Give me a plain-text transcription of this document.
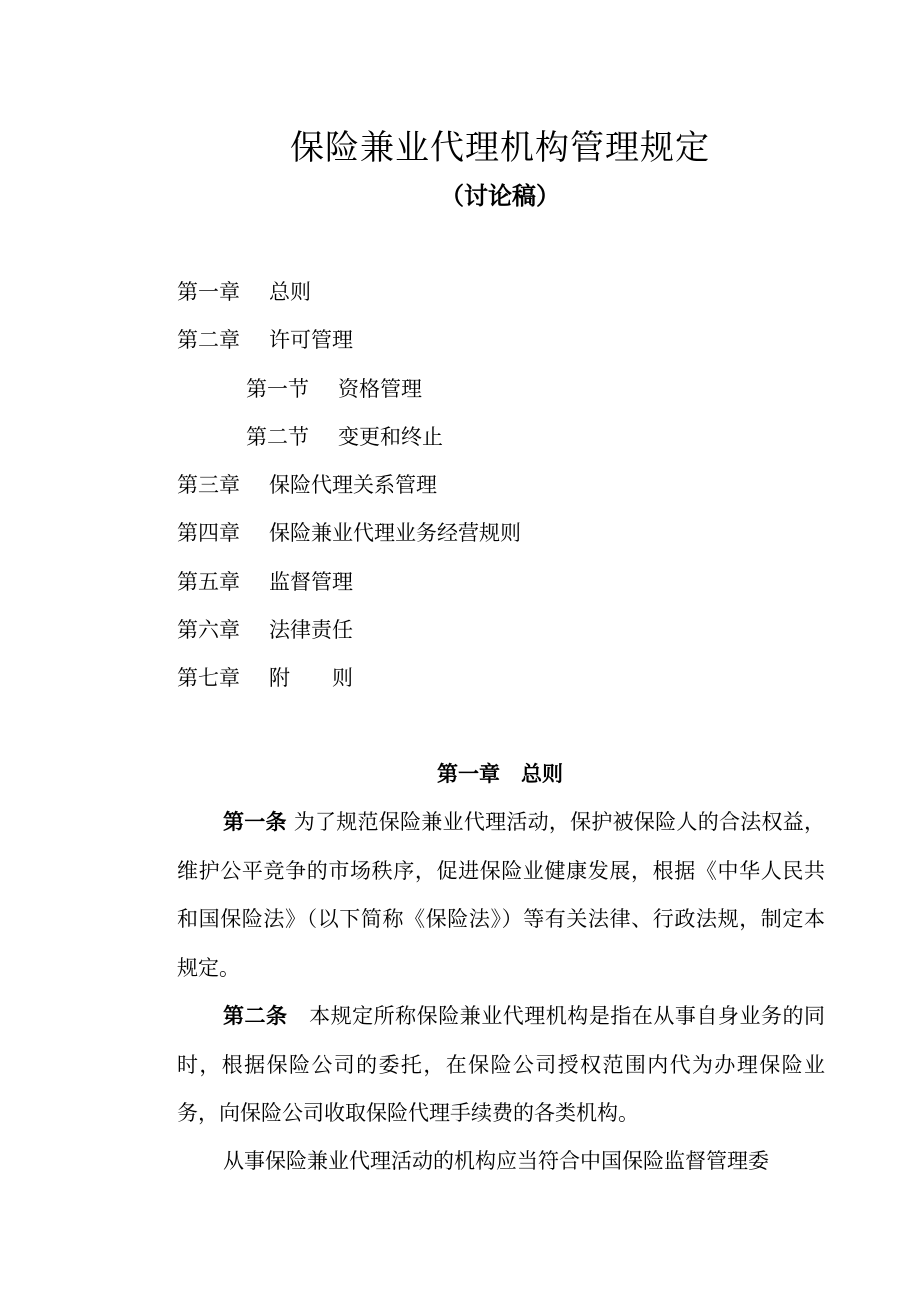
保险兼业代理机构管理规定
（讨论稿）
第一章 总则
第二章 许可管理
第一节 资格管理
第二节 变更和终止
第三章 保险代理关系管理
第四章 保险兼业代理业务经营规则
第五章 监督管理
第六章 法律责任
第七章 附　　则
第一章　总则

第一条 为了规范保险兼业代理活动，保护被保险人的合法权益，维护公平竞争的市场秩序，促进保险业健康发展，根据《中华人民共和国保险法》（以下简称《保险法》）等有关法律、行政法规，制定本规定。

第二条　本规定所称保险兼业代理机构是指在从事自身业务的同时，根据保险公司的委托，在保险公司授权范围内代为办理保险业务，向保险公司收取保险代理手续费的各类机构。

从事保险兼业代理活动的机构应当符合中国保险监督管理委
